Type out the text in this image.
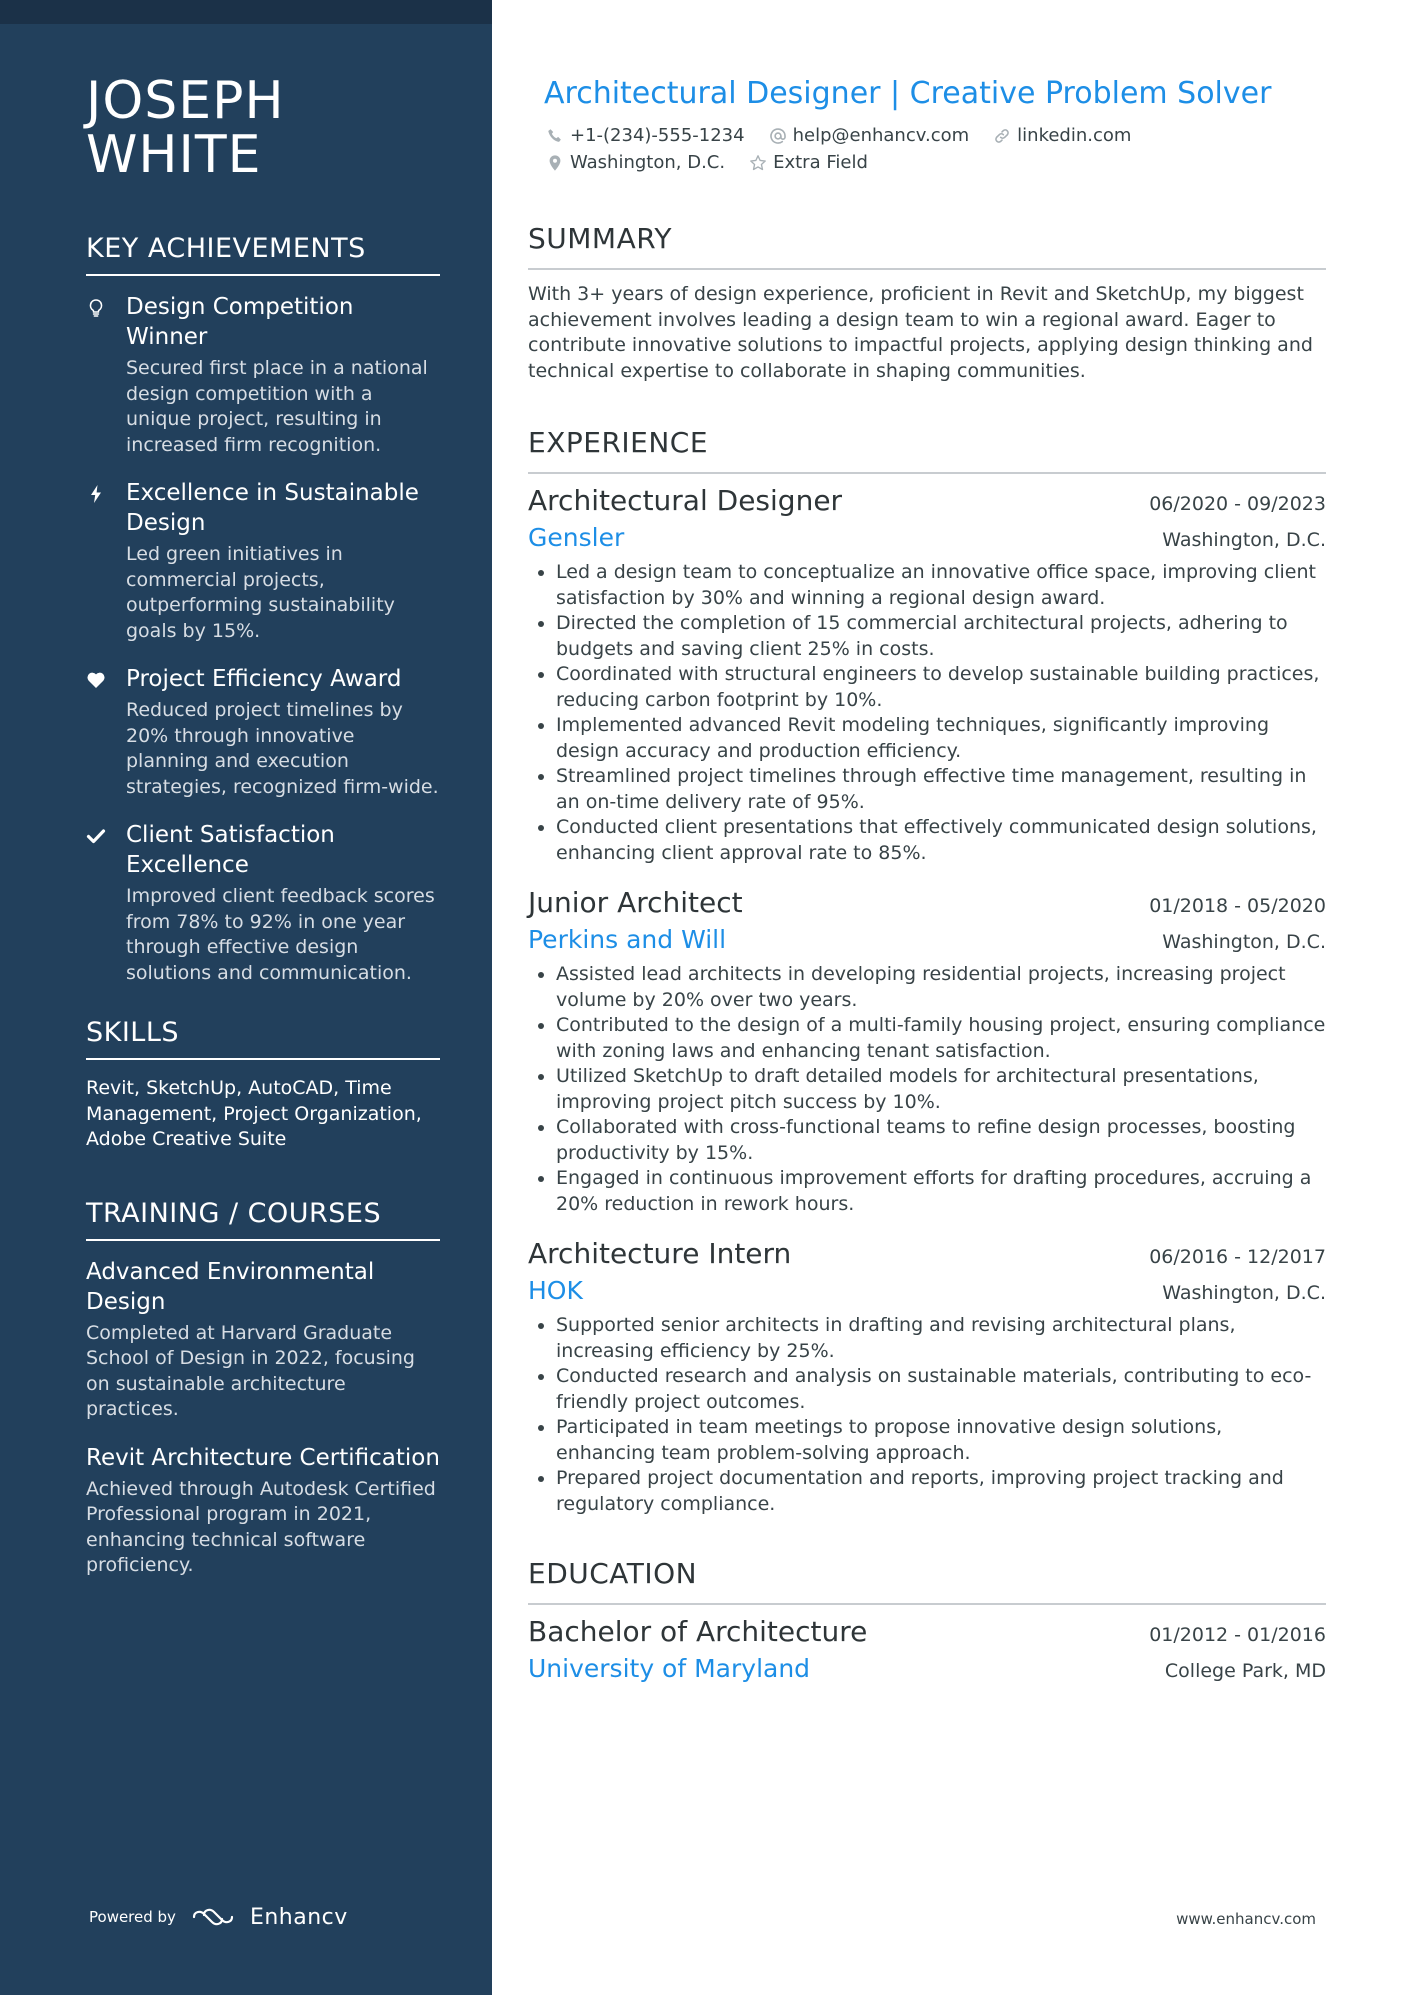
JOSEPH
WHITE
KEY ACHIEVEMENTS
Design Competition Winner
Secured first place in a national design competition with a unique project, resulting in increased firm recognition.
Excellence in Sustainable Design
Led green initiatives in commercial projects, outperforming sustainability goals by 15%.
Project Efficiency Award
Reduced project timelines by 20% through innovative planning and execution strategies, recognized firm-wide.
Client Satisfaction Excellence
Improved client feedback scores from 78% to 92% in one year through effective design solutions and communication.
SKILLS
Revit, SketchUp, AutoCAD, Time Management, Project Organization, Adobe Creative Suite
TRAINING / COURSES
Advanced Environmental Design
Completed at Harvard Graduate School of Design in 2022, focusing on sustainable architecture practices.
Revit Architecture Certification
Achieved through Autodesk Certified Professional program in 2021, enhancing technical software proficiency.
Powered by	Enhancv
Architectural Designer | Creative Problem Solver
+1-(234)-555-1234	help@enhancv.com	linkedin.com
Washington, D.C.	Extra Field
SUMMARY
With 3+ years of design experience, proficient in Revit and SketchUp, my biggest achievement involves leading a design team to win a regional award. Eager to contribute innovative solutions to impactful projects, applying design thinking and technical expertise to collaborate in shaping communities.
EXPERIENCE
Architectural Designer	06/2020 - 09/2023
Gensler	Washington, D.C.
• Led a design team to conceptualize an innovative office space, improving client satisfaction by 30% and winning a regional design award.
• Directed the completion of 15 commercial architectural projects, adhering to budgets and saving client 25% in costs.
• Coordinated with structural engineers to develop sustainable building practices, reducing carbon footprint by 10%.
• Implemented advanced Revit modeling techniques, significantly improving design accuracy and production efficiency.
• Streamlined project timelines through effective time management, resulting in an on-time delivery rate of 95%.
• Conducted client presentations that effectively communicated design solutions, enhancing client approval rate to 85%.
Junior Architect	01/2018 - 05/2020
Perkins and Will	Washington, D.C.
• Assisted lead architects in developing residential projects, increasing project volume by 20% over two years.
• Contributed to the design of a multi-family housing project, ensuring compliance with zoning laws and enhancing tenant satisfaction.
• Utilized SketchUp to draft detailed models for architectural presentations, improving project pitch success by 10%.
• Collaborated with cross-functional teams to refine design processes, boosting productivity by 15%.
• Engaged in continuous improvement efforts for drafting procedures, accruing a 20% reduction in rework hours.
Architecture Intern	06/2016 - 12/2017
HOK	Washington, D.C.
• Supported senior architects in drafting and revising architectural plans, increasing efficiency by 25%.
• Conducted research and analysis on sustainable materials, contributing to eco-friendly project outcomes.
• Participated in team meetings to propose innovative design solutions, enhancing team problem-solving approach.
• Prepared project documentation and reports, improving project tracking and regulatory compliance.
EDUCATION
Bachelor of Architecture	01/2012 - 01/2016
University of Maryland	College Park, MD
www.enhancv.com
